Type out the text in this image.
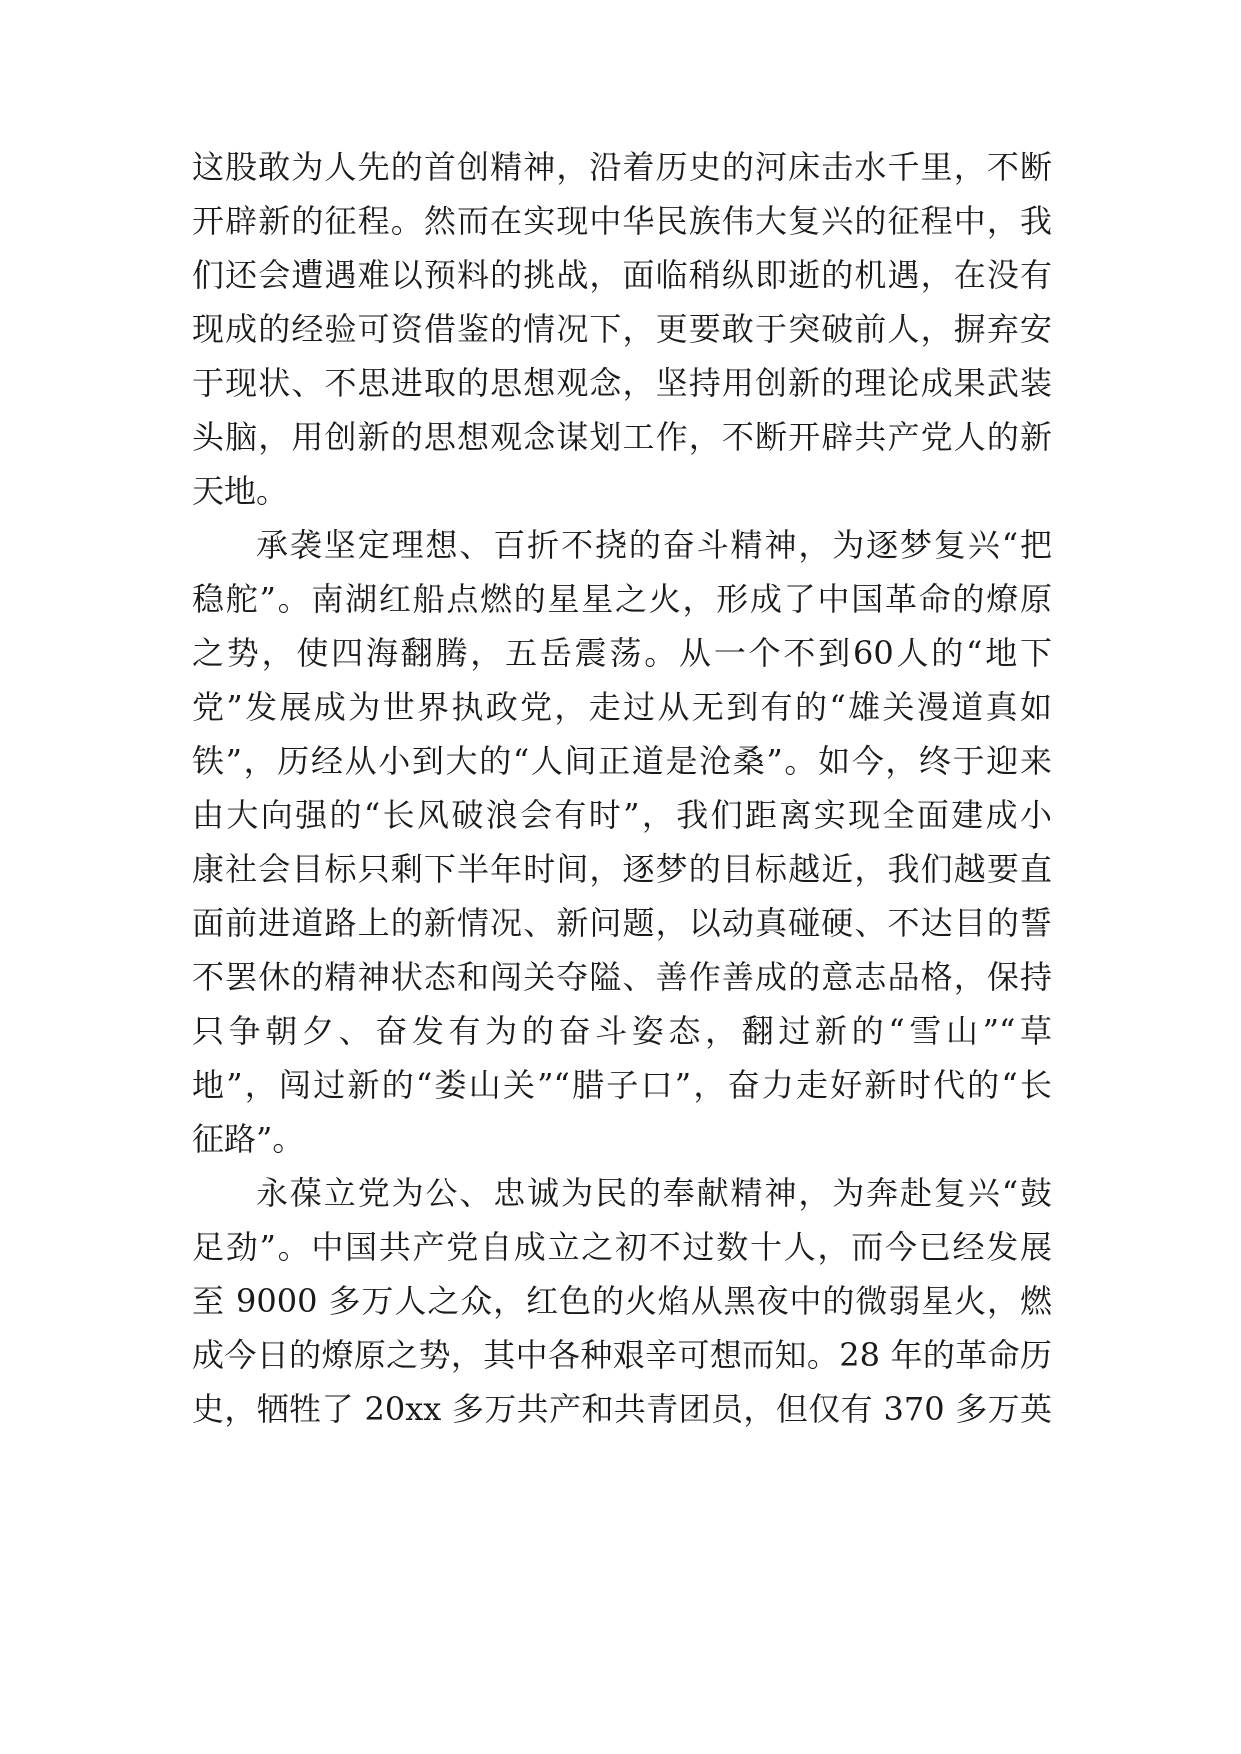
这股敢为人先的首创精神，沿着历史的河床击水千里，不断
开辟新的征程。然而在实现中华民族伟大复兴的征程中，我
们还会遭遇难以预料的挑战，面临稍纵即逝的机遇，在没有
现成的经验可资借鉴的情况下，更要敢于突破前人，摒弃安
于现状、不思进取的思想观念，坚持用创新的理论成果武装
头脑，用创新的思想观念谋划工作，不断开辟共产党人的新
天地。
承袭坚定理想、百折不挠的奋斗精神，为逐梦复兴“把
稳舵”。南湖红船点燃的星星之火，形成了中国革命的燎原
之势，使四海翻腾，五岳震荡。从一个不到60人的“地下
党”发展成为世界执政党，走过从无到有的“雄关漫道真如
铁”，历经从小到大的“人间正道是沧桑”。如今，终于迎来
由大向强的“长风破浪会有时”，我们距离实现全面建成小
康社会目标只剩下半年时间，逐梦的目标越近，我们越要直
面前进道路上的新情况、新问题，以动真碰硬、不达目的誓
不罢休的精神状态和闯关夺隘、善作善成的意志品格，保持
只争朝夕、奋发有为的奋斗姿态，翻过新的“雪山”“草
地”，闯过新的“娄山关”“腊子口”，奋力走好新时代的“长
征路”。
永葆立党为公、忠诚为民的奉献精神，为奔赴复兴“鼓
足劲”。中国共产党自成立之初不过数十人，而今已经发展
至 9000 多万人之众，红色的火焰从黑夜中的微弱星火，燃
成今日的燎原之势，其中各种艰辛可想而知。28 年的革命历
史，牺牲了 20xx 多万共产和共青团员，但仅有 370 多万英
